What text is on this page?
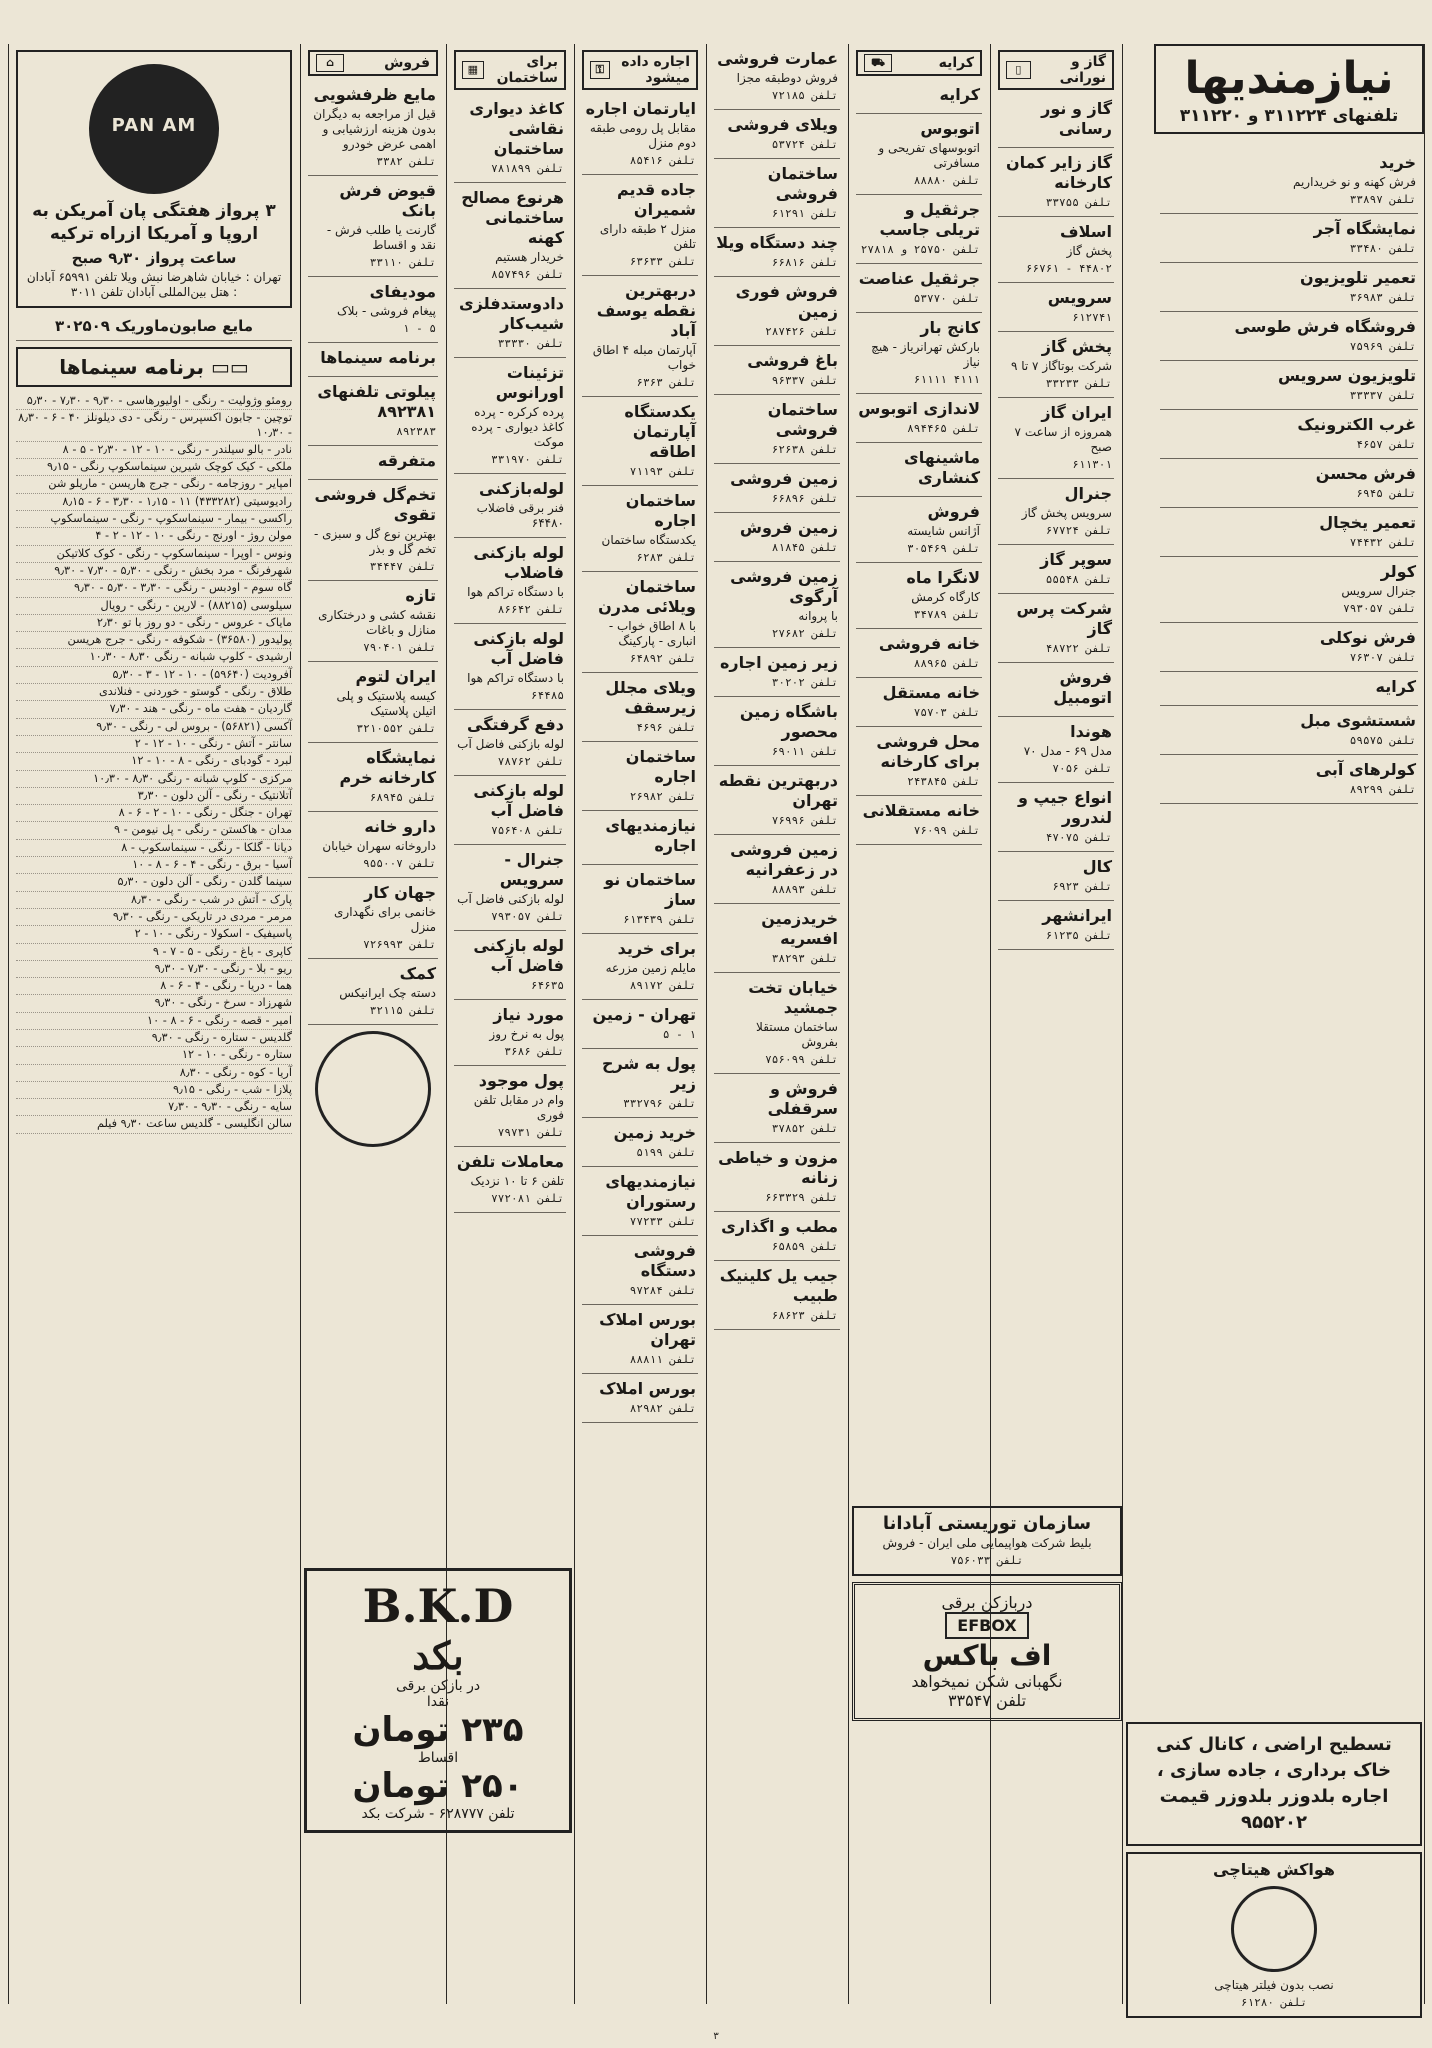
PAN AM
۳ پرواز هفتگی پان آمریکن به اروپا و آمریکا ازراه ترکیه
ساعت پرواز ۹٫۳۰ صبح
تهران : خیابان شاهرضا نبش ویلا تلفن ۶۵۹۹۱ آبادان : هتل بین‌المللی آبادان تلفن ۳۰۱۱
مایع صابون‌ماوریک ۳۰۲۵۰۹
▭▭ برنامه سینماها
رومئو وژولیت - رنگی - اولیورهاسی - ۹٫۳۰ - ۷٫۳۰ - ۵٫۳۰
توچین - جابون اکسپرس - رنگی - دی دیلونلز ۴۰ - ۶ - ۸٫۳۰ - ۱۰٫۳۰
نادر - بالو سیلندر - رنگی - ۱۰ - ۱۲ - ۲٫۳۰ - ۵ - ۸
ملکی - کیک کوچک شیرین سینماسکوپ رنگی - ۹٫۱۵
امپایر - روزجامه - رنگی - جرج هاریسن - ماریلو شن
رادیوسیتی (۴۳۳۲۸۲) ۱۱ - ۱٫۱۵ - ۳٫۳۰ - ۶ - ۸٫۱۵
راکسی - بیمار - سینماسکوپ - رنگی - سینماسکوپ
مولن روژ - اورنج - رنگی - ۱۰ - ۱۲ - ۲ - ۴
ونوس - اوپرا - سینماسکوپ - رنگی - کوک کلاتیکن
شهرفرنگ - مرد بخش - رنگی - ۵٫۳۰ - ۷٫۳۰ - ۹٫۳۰
گاه سوم - اودبس - رنگی - ۳٫۳۰ - ۵٫۳۰ - ۹٫۳۰
سیلوسی (۸۸۲۱۵) - لارین - رنگی - رویال
مایاک - عروس - رنگی - دو روز با تو ۲٫۳۰
پولیدور (۳۶۵۸۰) - شکوفه - رنگی - جرج هریسن
ارشیدی - کلوپ شبانه - رنگی ۸٫۳۰ - ۱۰٫۳۰
آفرودیت (۵۹۶۴۰) - ۱۰ - ۱۲ - ۳ - ۵٫۳۰
طلاق - رنگی - گوستو - خوردنی - فنلاندی
گاردیان - هفت ماه - رنگی - هند - ۷٫۳۰
آکسی (۵۶۸۲۱) - بروس لی - رنگی - ۹٫۳۰
سانتر - آتش - رنگی - ۱۰ - ۱۲ - ۲
لبرد - گودبای - رنگی - ۸ - ۱۰ - ۱۲
مرکزی - کلوپ شبانه - رنگی ۸٫۳۰ - ۱۰٫۳۰
آتلانتیک - رنگی - آلن دلون - ۳٫۳۰
تهران - جنگل - رنگی - ۱۰ - ۲ - ۶ - ۸
مدان - هاکستن - رنگی - پل نیومن - ۹
دیانا - گلکا - رنگی - سینماسکوپ - ۸
آسیا - برق - رنگی - ۴ - ۶ - ۸ - ۱۰
سینما گلدن - رنگی - آلن دلون - ۵٫۳۰
پارک - آتش در شب - رنگی - ۸٫۳۰
مرمر - مردی در تاریکی - رنگی - ۹٫۳۰
پاسیفیک - اسکولا - رنگی - ۱۰ - ۲
کاپری - باغ - رنگی - ۵ - ۷ - ۹
ریو - بلا - رنگی - ۷٫۳۰ - ۹٫۳۰
هما - دریا - رنگی - ۴ - ۶ - ۸
شهرزاد - سرخ - رنگی - ۹٫۳۰
امیر - قصه - رنگی - ۶ - ۸ - ۱۰
گلدیس - ستاره - رنگی - ۹٫۳۰
ستاره - رنگی - ۱۰ - ۱۲
آریا - کوه - رنگی - ۸٫۳۰
پلازا - شب - رنگی - ۹٫۱۵
سایه - رنگی - ۹٫۳۰ - ۷٫۳۰
سالن انگلیسی - گلدیس ساعت ۹٫۳۰ فیلم
فروش
⌂
مایع ظرفشویی
قیل از مراجعه به دیگران بدون هزینه ارزشیابی و اهمی عرض خودرو
تلفن ۳۳۸۲
قیوض فرش بانک
گارنت یا طلب فرش - نقد و اقساط
تلفن ۳۳۱۱۰
مودیفای
پیغام فروشی - بلاک
۵ - ۱
برنامه سینماها
پیلوتی تلفنهای ۸۹۲۳۸۱
۸۹۲۳۸۳
متفرقه
تخم‌گل فروشی تقوی
بهترین نوع گل و سبزی - تخم گل و بذر
تلفن ۳۴۴۴۷
تازه
نقشه کشی و درختکاری منازل و باغات
تلفن ۷۹۰۴۰۱
ایران لتوم
کیسه پلاستیک و پلی اتیلن پلاستیک
تلفن ۳۲۱۰۵۵۲
نمایشگاه کارخانه خرم
تلفن ۶۸۹۴۵
دارو خانه
داروخانه سهران خیابان
تلفن ۹۵۵۰۰۷
جهان کار
خانمی برای نگهداری منزل
تلفن ۷۲۶۹۹۳
کمک
دسته چک ایرانیکس
تلفن ۳۲۱۱۵
برای ساختمان
▦
کاغذ دیواری نقاشی ساختمان
تلفن ۷۸۱۸۹۹
هرنوع مصالح ساختمانی کهنه
خریدار هستیم
تلفن ۸۵۷۴۹۶
دادوستدفلزی شیب‌کار
تلفن ۳۳۳۳۰
تزئینات اورانوس
پرده کرکره - پرده کاغذ دیواری - پرده موکت
تلفن ۳۳۱۹۷۰
لوله‌بازکنی
فنر برقی فاضلاب ۶۴۴۸۰
لوله بازکنی فاضلاب
با دستگاه تراکم هوا
تلفن ۸۶۶۴۲
لوله بازکنی فاضل آب
با دستگاه تراکم هوا
۶۴۴۸۵
دفع گرفتگی
لوله بازکنی فاضل آب
تلفن ۷۸۷۶۲
لوله بازکنی فاضل آب
تلفن ۷۵۶۴۰۸
جنرال - سرویس
لوله بازکنی فاضل آب
تلفن ۷۹۳۰۵۷
لوله بازکنی فاضل آب
۶۴۶۳۵
مورد نیاز
پول به نرخ روز
تلفن ۳۶۸۶
پول موجود
وام در مقابل تلفن فوری
تلفن ۷۹۷۳۱
معاملات تلفن
تلفن ۶ تا ۱۰ نزدیک
تلفن ۷۷۲۰۸۱
B.K.D
بکد
در بازکن برقی
نقدا
۲۳۵ تومان
اقساط
۲۵۰ تومان
تلفن ۶۲۸۷۷۷ - شرکت بکد
اجاره داده میشود
⚿
ایارتمان اجاره
مقابل پل رومی طبقه دوم منزل
تلفن ۸۵۴۱۶
جاده قدیم شمیران
منزل ۲ طبقه دارای تلفن
تلفن ۶۳۶۳۳
دربهترین نقطه یوسف آباد
آپارتمان مبله ۴ اطاق خواب
تلفن ۶۳۶۳
یکدستگاه آپارتمان اطاقه
تلفن ۷۱۱۹۳
ساختمان اجاره
یکدستگاه ساختمان
تلفن ۶۲۸۳
ساختمان ویلائی مدرن
با ۸ اطاق خواب - انباری - پارکینگ
تلفن ۶۴۸۹۲
ویلای مجلل زیرسقف
تلفن ۴۶۹۶
ساختمان اجاره
تلفن ۲۶۹۸۲
نیازمندیهای اجاره
ساختمان نو ساز
تلفن ۶۱۳۴۳۹
برای خرید
مایلم زمین مزرعه
تلفن ۸۹۱۷۲
تهران - زمین
۱ - ۵
پول به شرح زیر
تلفن ۳۳۲۷۹۶
خرید زمین
تلفن ۵۱۹۹
نیازمندیهای رستوران
تلفن ۷۷۲۳۳
فروشی دستگاه
تلفن ۹۷۲۸۴
بورس املاک تهران
تلفن ۸۸۸۱۱
بورس املاک
تلفن ۸۲۹۸۲
عمارت فروشی
فروش دوطبقه مجزا
تلفن ۷۲۱۸۵
ویلای فروشی
تلفن ۵۳۷۲۴
ساختمان فروشی
تلفن ۶۱۲۹۱
چند دستگاه ویلا
تلفن ۶۶۸۱۶
فروش فوری زمین
تلفن ۲۸۷۴۲۶
باغ فروشی
تلفن ۹۶۳۳۷
ساختمان فروشی
تلفن ۶۲۶۳۸
زمین فروشی
تلفن ۶۶۸۹۶
زمین فروش
تلفن ۸۱۸۴۵
زمین فروشی آرگوی
با پروانه
تلفن ۲۷۶۸۲
زیر زمین اجاره
تلفن ۳۰۲۰۲
باشگاه زمین محصور
تلفن ۶۹۰۱۱
دربهترین نقطه تهران
تلفن ۷۶۹۹۶
زمین فروشی در زعفرانیه
تلفن ۸۸۸۹۳
خریدزمین افسریه
تلفن ۳۸۲۹۳
خیابان تخت جمشید
ساختمان مستقلا بفروش
تلفن ۷۵۶۰۹۹
فروش و سرقفلی
تلفن ۳۷۸۵۲
مزون و خیاطی زنانه
تلفن ۶۶۳۳۲۹
مطب و اگذاری
تلفن ۶۵۸۵۹
جیب یل کلینیک طبیب
تلفن ۶۸۶۲۳
کرایه
⛟
کرایه
اتوبوس
اتوبوسهای تفریحی و مسافرتی
تلفن ۸۸۸۸۰
جرثقیل و تریلی جاسب
تلفن ۲۵۷۵۰ و ۲۷۸۱۸
جرثقیل عناصت
تلفن ۵۳۷۷۰
کانج بار
بارکش تهرانریاز - هیچ نیاز
۴۱۱۱ ۶۱۱۱۱
لاندازی اتوبوس
تلفن ۸۹۴۴۶۵
ماشینهای کنشاری
فروش
آژانس شایسته
تلفن ۳۰۵۴۶۹
لانگرا ماه
کارگاه کرمش
تلفن ۳۴۷۸۹
خانه فروشی
تلفن ۸۸۹۶۵
خانه مستقل
تلفن ۷۵۷۰۳
محل فروشی برای کارخانه
تلفن ۲۴۳۸۴۵
خانه مستقلانی
تلفن ۷۶۰۹۹
سازمان توریستی آبادانا
بلیط شرکت هواپیمایی ملی ایران - فروش
تلفن ۷۵۶۰۳۳
دربازکن برقی
EFBOX
اف باکس
نگهبانی شکن نمیخواهد
تلفن ۳۳۵۴۷
گاز و نورانی
▯
گاز و نور رسانی
گاز زایر کمان کارخانه
تلفن ۳۳۷۵۵
اسلاف
پخش گاز
۴۴۸۰۲ - ۶۶۷۶۱
سرویس
۶۱۲۷۴۱
پخش گاز
شرکت بوتاگاز ۷ تا ۹
تلفن ۳۳۲۳۳
ایران گاز
همروزه از ساعت ۷ صبح
۶۱۱۳۰۱
جنرال
سرویس پخش گاز
تلفن ۶۷۷۲۴
سوپر گاز
تلفن ۵۵۵۴۸
شرکت پرس گاز
تلفن ۴۸۷۲۲
فروش اتومبیل
هوندا
مدل ۶۹ - مدل ۷۰
تلفن ۷۰۵۶
انواع جیپ و لندرور
تلفن ۴۷۰۷۵
کال
تلفن ۶۹۲۳
ایرانشهر
تلفن ۶۱۲۳۵
نیازمندیها
تلفنهای ۳۱۱۲۲۴ و ۳۱۱۲۲۰
خرید
فرش کهنه و نو خریداریم
تلفن ۳۳۸۹۷
نمایشگاه آجر
تلفن ۳۳۴۸۰
تعمیر تلویزیون
تلفن ۳۶۹۸۳
فروشگاه فرش طوسی
تلفن ۷۵۹۶۹
تلویزیون سرویس
تلفن ۳۳۳۳۷
غرب الکترونیک
تلفن ۴۶۵۷
فرش محسن
تلفن ۶۹۴۵
تعمیر یخچال
تلفن ۷۴۴۳۲
کولر
جنرال سرویس
تلفن ۷۹۳۰۵۷
فرش نوکلی
تلفن ۷۶۳۰۷
کرایه
شستشوی مبل
تلفن ۵۹۵۷۵
کولرهای آبی
تلفن ۸۹۲۹۹
تسطیح اراضی ، کانال کنی خاک برداری ، جاده سازی ، اجاره بلدوزر بلدوزر قیمت ۹۵۵۲۰۲
هواکش هیتاچی
نصب بدون فیلتر هیتاچی
تلفن ۶۱۲۸۰
۳
